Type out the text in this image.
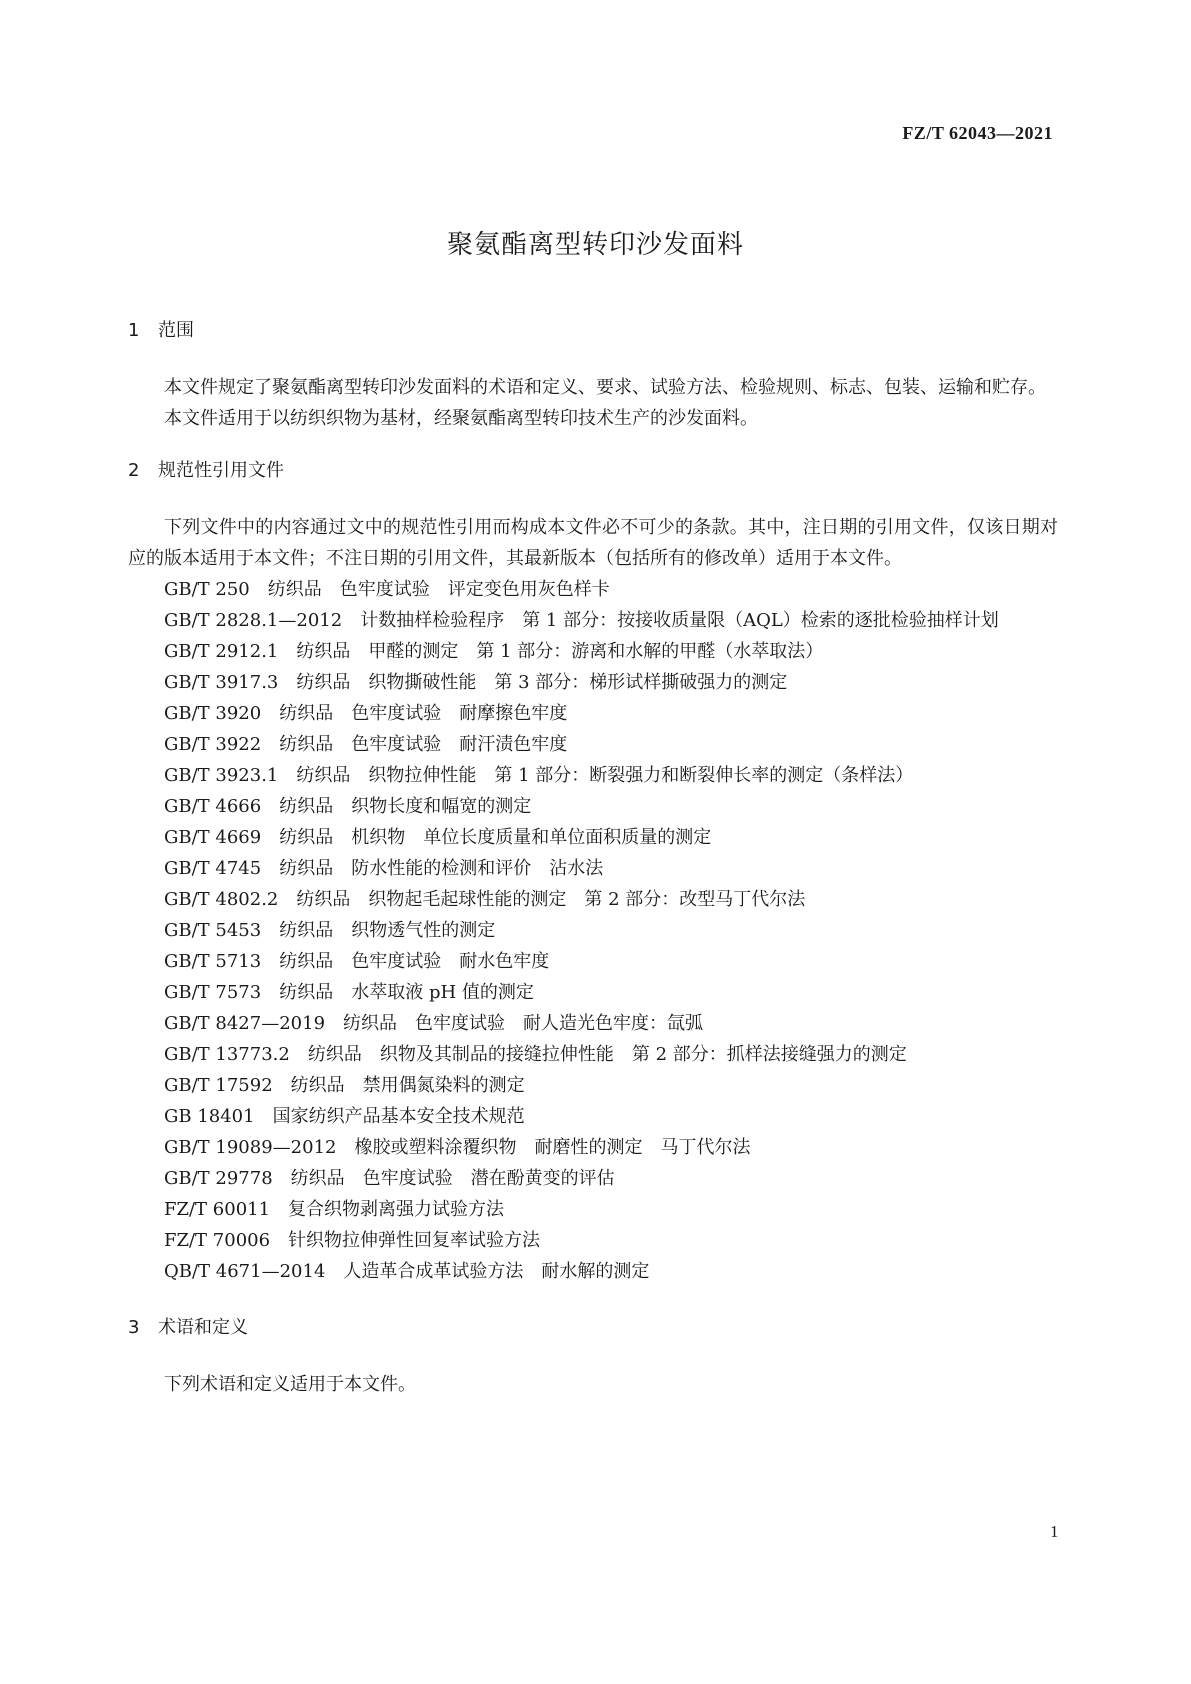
FZ/T 62043—2021
聚氨酯离型转印沙发面料

1 范围

本文件规定了聚氨酯离型转印沙发面料的术语和定义、要求、试验方法、检验规则、标志、包装、运输和贮存。

本文件适用于以纺织织物为基材，经聚氨酯离型转印技术生产的沙发面料。

2 规范性引用文件

下列文件中的内容通过文中的规范性引用而构成本文件必不可少的条款。其中，注日期的引用文件，仅该日期对应的版本适用于本文件；不注日期的引用文件，其最新版本（包括所有的修改单）适用于本文件。

GB/T 250 纺织品　色牢度试验　评定变色用灰色样卡
GB/T 2828.1—2012 计数抽样检验程序　第 1 部分：按接收质量限（AQL）检索的逐批检验抽样计划
GB/T 2912.1 纺织品　甲醛的测定　第 1 部分：游离和水解的甲醛（水萃取法）
GB/T 3917.3 纺织品　织物撕破性能　第 3 部分：梯形试样撕破强力的测定
GB/T 3920 纺织品　色牢度试验　耐摩擦色牢度
GB/T 3922 纺织品　色牢度试验　耐汗渍色牢度
GB/T 3923.1 纺织品　织物拉伸性能　第 1 部分：断裂强力和断裂伸长率的测定（条样法）
GB/T 4666 纺织品　织物长度和幅宽的测定
GB/T 4669 纺织品　机织物　单位长度质量和单位面积质量的测定
GB/T 4745 纺织品　防水性能的检测和评价　沾水法
GB/T 4802.2 纺织品　织物起毛起球性能的测定　第 2 部分：改型马丁代尔法
GB/T 5453 纺织品　织物透气性的测定
GB/T 5713 纺织品　色牢度试验　耐水色牢度
GB/T 7573 纺织品　水萃取液 pH 值的测定
GB/T 8427—2019 纺织品　色牢度试验　耐人造光色牢度：氙弧
GB/T 13773.2 纺织品　织物及其制品的接缝拉伸性能　第 2 部分：抓样法接缝强力的测定
GB/T 17592 纺织品　禁用偶氮染料的测定
GB 18401 国家纺织产品基本安全技术规范
GB/T 19089—2012 橡胶或塑料涂覆织物　耐磨性的测定　马丁代尔法
GB/T 29778 纺织品　色牢度试验　潜在酚黄变的评估
FZ/T 60011 复合织物剥离强力试验方法
FZ/T 70006 针织物拉伸弹性回复率试验方法
QB/T 4671—2014 人造革合成革试验方法　耐水解的测定

3 术语和定义

下列术语和定义适用于本文件。

1
